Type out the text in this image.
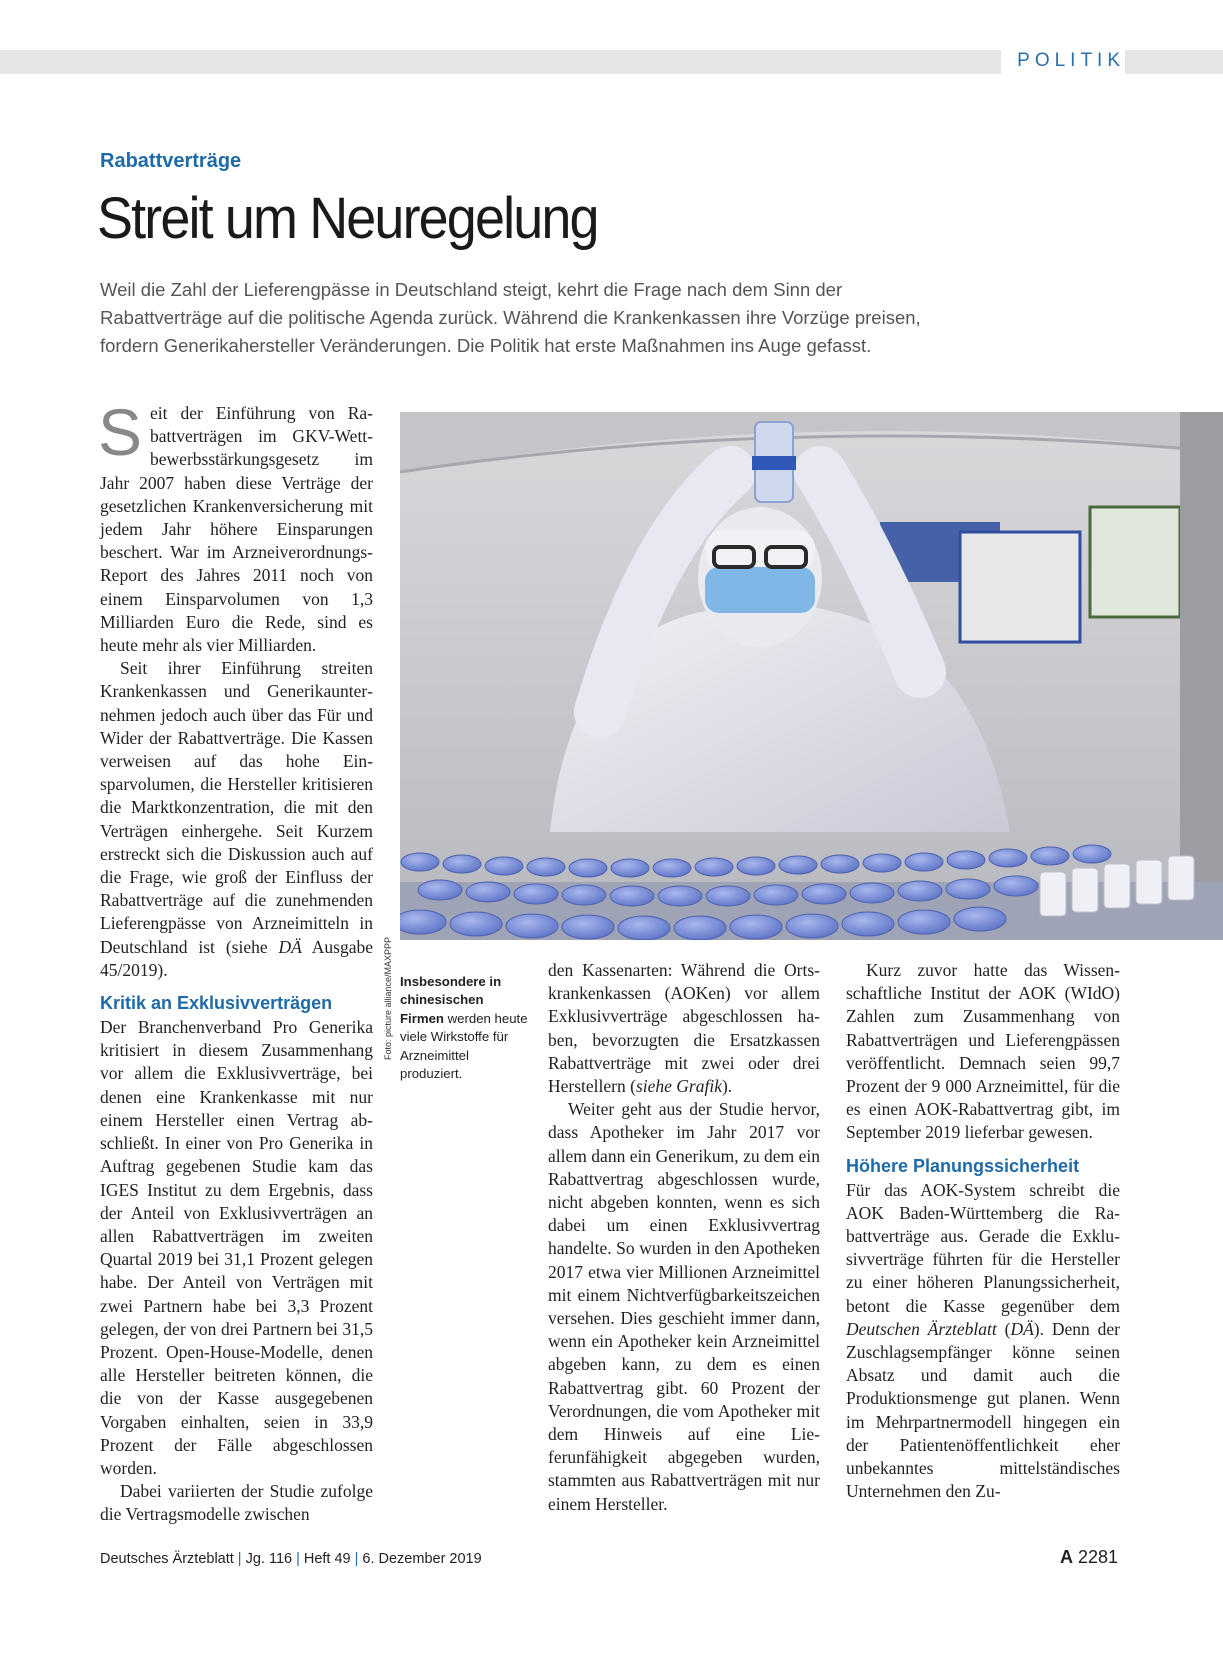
POLITIK
Rabattverträge
Streit um Neuregelung
Weil die Zahl der Lieferengpässe in Deutschland steigt, kehrt die Frage nach dem Sinn der
Rabattverträge auf die politische Agenda zurück. Während die Krankenkassen ihre Vorzüge preisen,
fordern Generikahersteller Veränderungen. Die Politik hat erste Maßnahmen ins Auge gefasst.

Seit der Einführung von Rabattverträgen im GKV-Wettbewerbsstärkungsgesetz im Jahr 2007 haben diese Verträge der gesetzlichen Krankenversicherung mit jedem Jahr höhere Einsparungen beschert. War im Arzneiverordnungs-Report des Jahres 2011 noch von einem Einsparvolumen von 1,3 Milliarden Euro die Rede, sind es heute mehr als vier Milliarden.

Seit ihrer Einführung streiten Krankenkassen und Generikaunternehmen jedoch auch über das Für und Wider der Rabattverträge. Die Kassen verweisen auf das hohe Einsparvolumen, die Hersteller kritisieren die Marktkonzentration, die mit den Verträgen einhergehe. Seit Kurzem erstreckt sich die Diskussion auch auf die Frage, wie groß der Einfluss der Rabattverträge auf die zunehmenden Lieferengpässe von Arzneimitteln in Deutschland ist (siehe DÄ Ausgabe 45/2019).

Kritik an Exklusivverträgen

Der Branchenverband Pro Generika kritisiert in diesem Zusammenhang vor allem die Exklusivverträge, bei denen eine Krankenkasse mit nur einem Hersteller einen Vertrag abschließt. In einer von Pro Generika in Auftrag gegebenen Studie kam das IGES Institut zu dem Ergebnis, dass der Anteil von Exklusivverträgen an allen Rabattverträgen im zweiten Quartal 2019 bei 31,1 Prozent gelegen habe. Der Anteil von Verträgen mit zwei Partnern habe bei 3,3 Prozent gelegen, der von drei Partnern bei 31,5 Prozent. Open-House-Modelle, denen alle Hersteller beitreten können, die die von der Kasse ausgegebenen Vorgaben einhalten, seien in 33,9 Prozent der Fälle abgeschlossen worden.

Dabei variierten der Studie zufolge die Vertragsmodelle zwischen

Foto: picture alliance/MAXPPP Insbesondere in chinesischen Firmen werden heute viele Wirkstoffe für Arzneimittel produziert.

den Kassenarten: Während die Ortskrankenkassen (AOKen) vor allem Exklusivverträge abgeschlossen haben, bevorzugten die Ersatzkassen Rabattverträge mit zwei oder drei Herstellern (siehe Grafik).

Weiter geht aus der Studie hervor, dass Apotheker im Jahr 2017 vor allem dann ein Generikum, zu dem ein Rabattvertrag abgeschlossen wurde, nicht abgeben konnten, wenn es sich dabei um einen Exklusivvertrag handelte. So wurden in den Apotheken 2017 etwa vier Millionen Arzneimittel mit einem Nichtverfügbarkeitszeichen versehen. Dies geschieht immer dann, wenn ein Apotheker kein Arzneimittel abgeben kann, zu dem es einen Rabattvertrag gibt. 60 Prozent der Verordnungen, die vom Apotheker mit dem Hinweis auf eine Lieferunfähigkeit abgegeben wurden, stammten aus Rabattverträgen mit nur einem Hersteller.

Kurz zuvor hatte das Wissenschaftliche Institut der AOK (WIdO) Zahlen zum Zusammenhang von Rabattverträgen und Lieferengpässen veröffentlicht. Demnach seien 99,7 Prozent der 9 000 Arzneimittel, für die es einen AOK-Rabattvertrag gibt, im September 2019 lieferbar gewesen.

Höhere Planungssicherheit

Für das AOK-System schreibt die AOK Baden-Württemberg die Rabattverträge aus. Gerade die Exklusivverträge führten für die Hersteller zu einer höheren Planungssicherheit, betont die Kasse gegenüber dem Deutschen Ärzteblatt (DÄ). Denn der Zuschlagsempfänger könne seinen Absatz und damit auch die Produktionsmenge gut planen. Wenn im Mehrpartnermodell hingegen ein der Patientenöffentlichkeit eher unbekanntes mittelständisches Unternehmen den Zu-

Deutsches Ärzteblatt | Jg. 116 | Heft 49 | 6. Dezember 2019	A 2281
